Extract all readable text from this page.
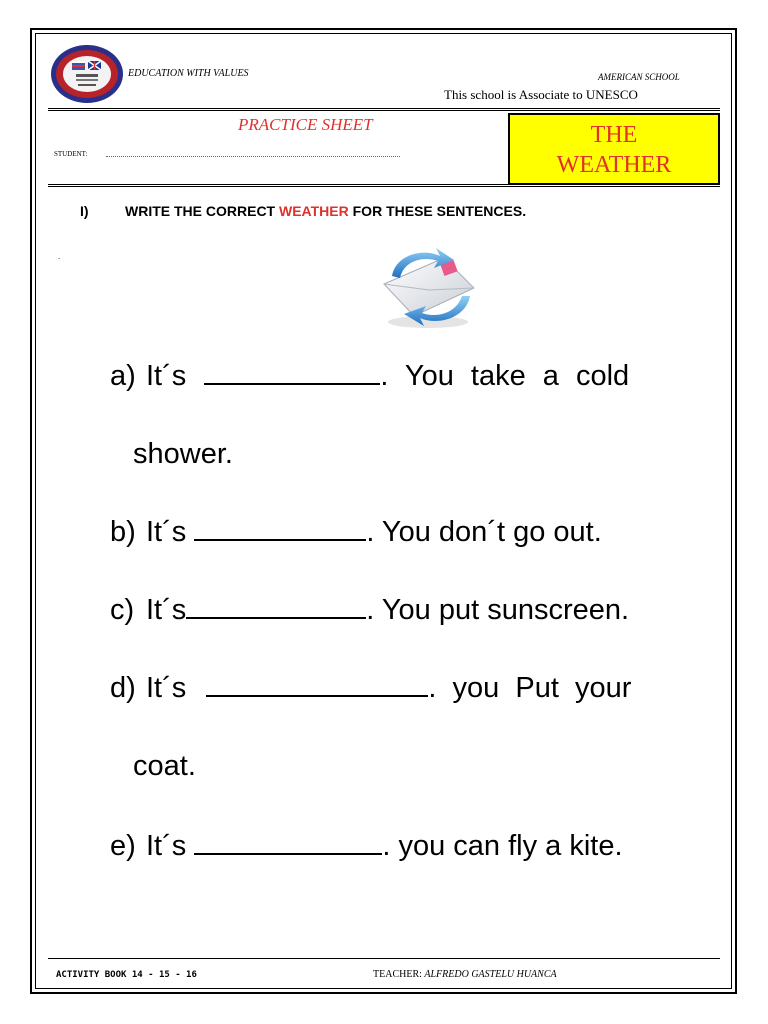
EDUCATION WITH VALUES	AMERICAN SCHOOL
This school is Associate to UNESCO
PRACTICE SHEET
STUDENT:
THE
WEATHER
I)	WRITE THE CORRECT WEATHER FOR THESE SENTENCES.
.
a) It´s	. You take a cold
shower.
b) It´s	. You don´t go out.
c) It´s	. You put sunscreen.
d) It´s	.  you  Put  your
coat.
e) It´s	. you can fly a kite.
ACTIVITY BOOK 14 - 15 - 16	TEACHER: ALFREDO GASTELU HUANCA
